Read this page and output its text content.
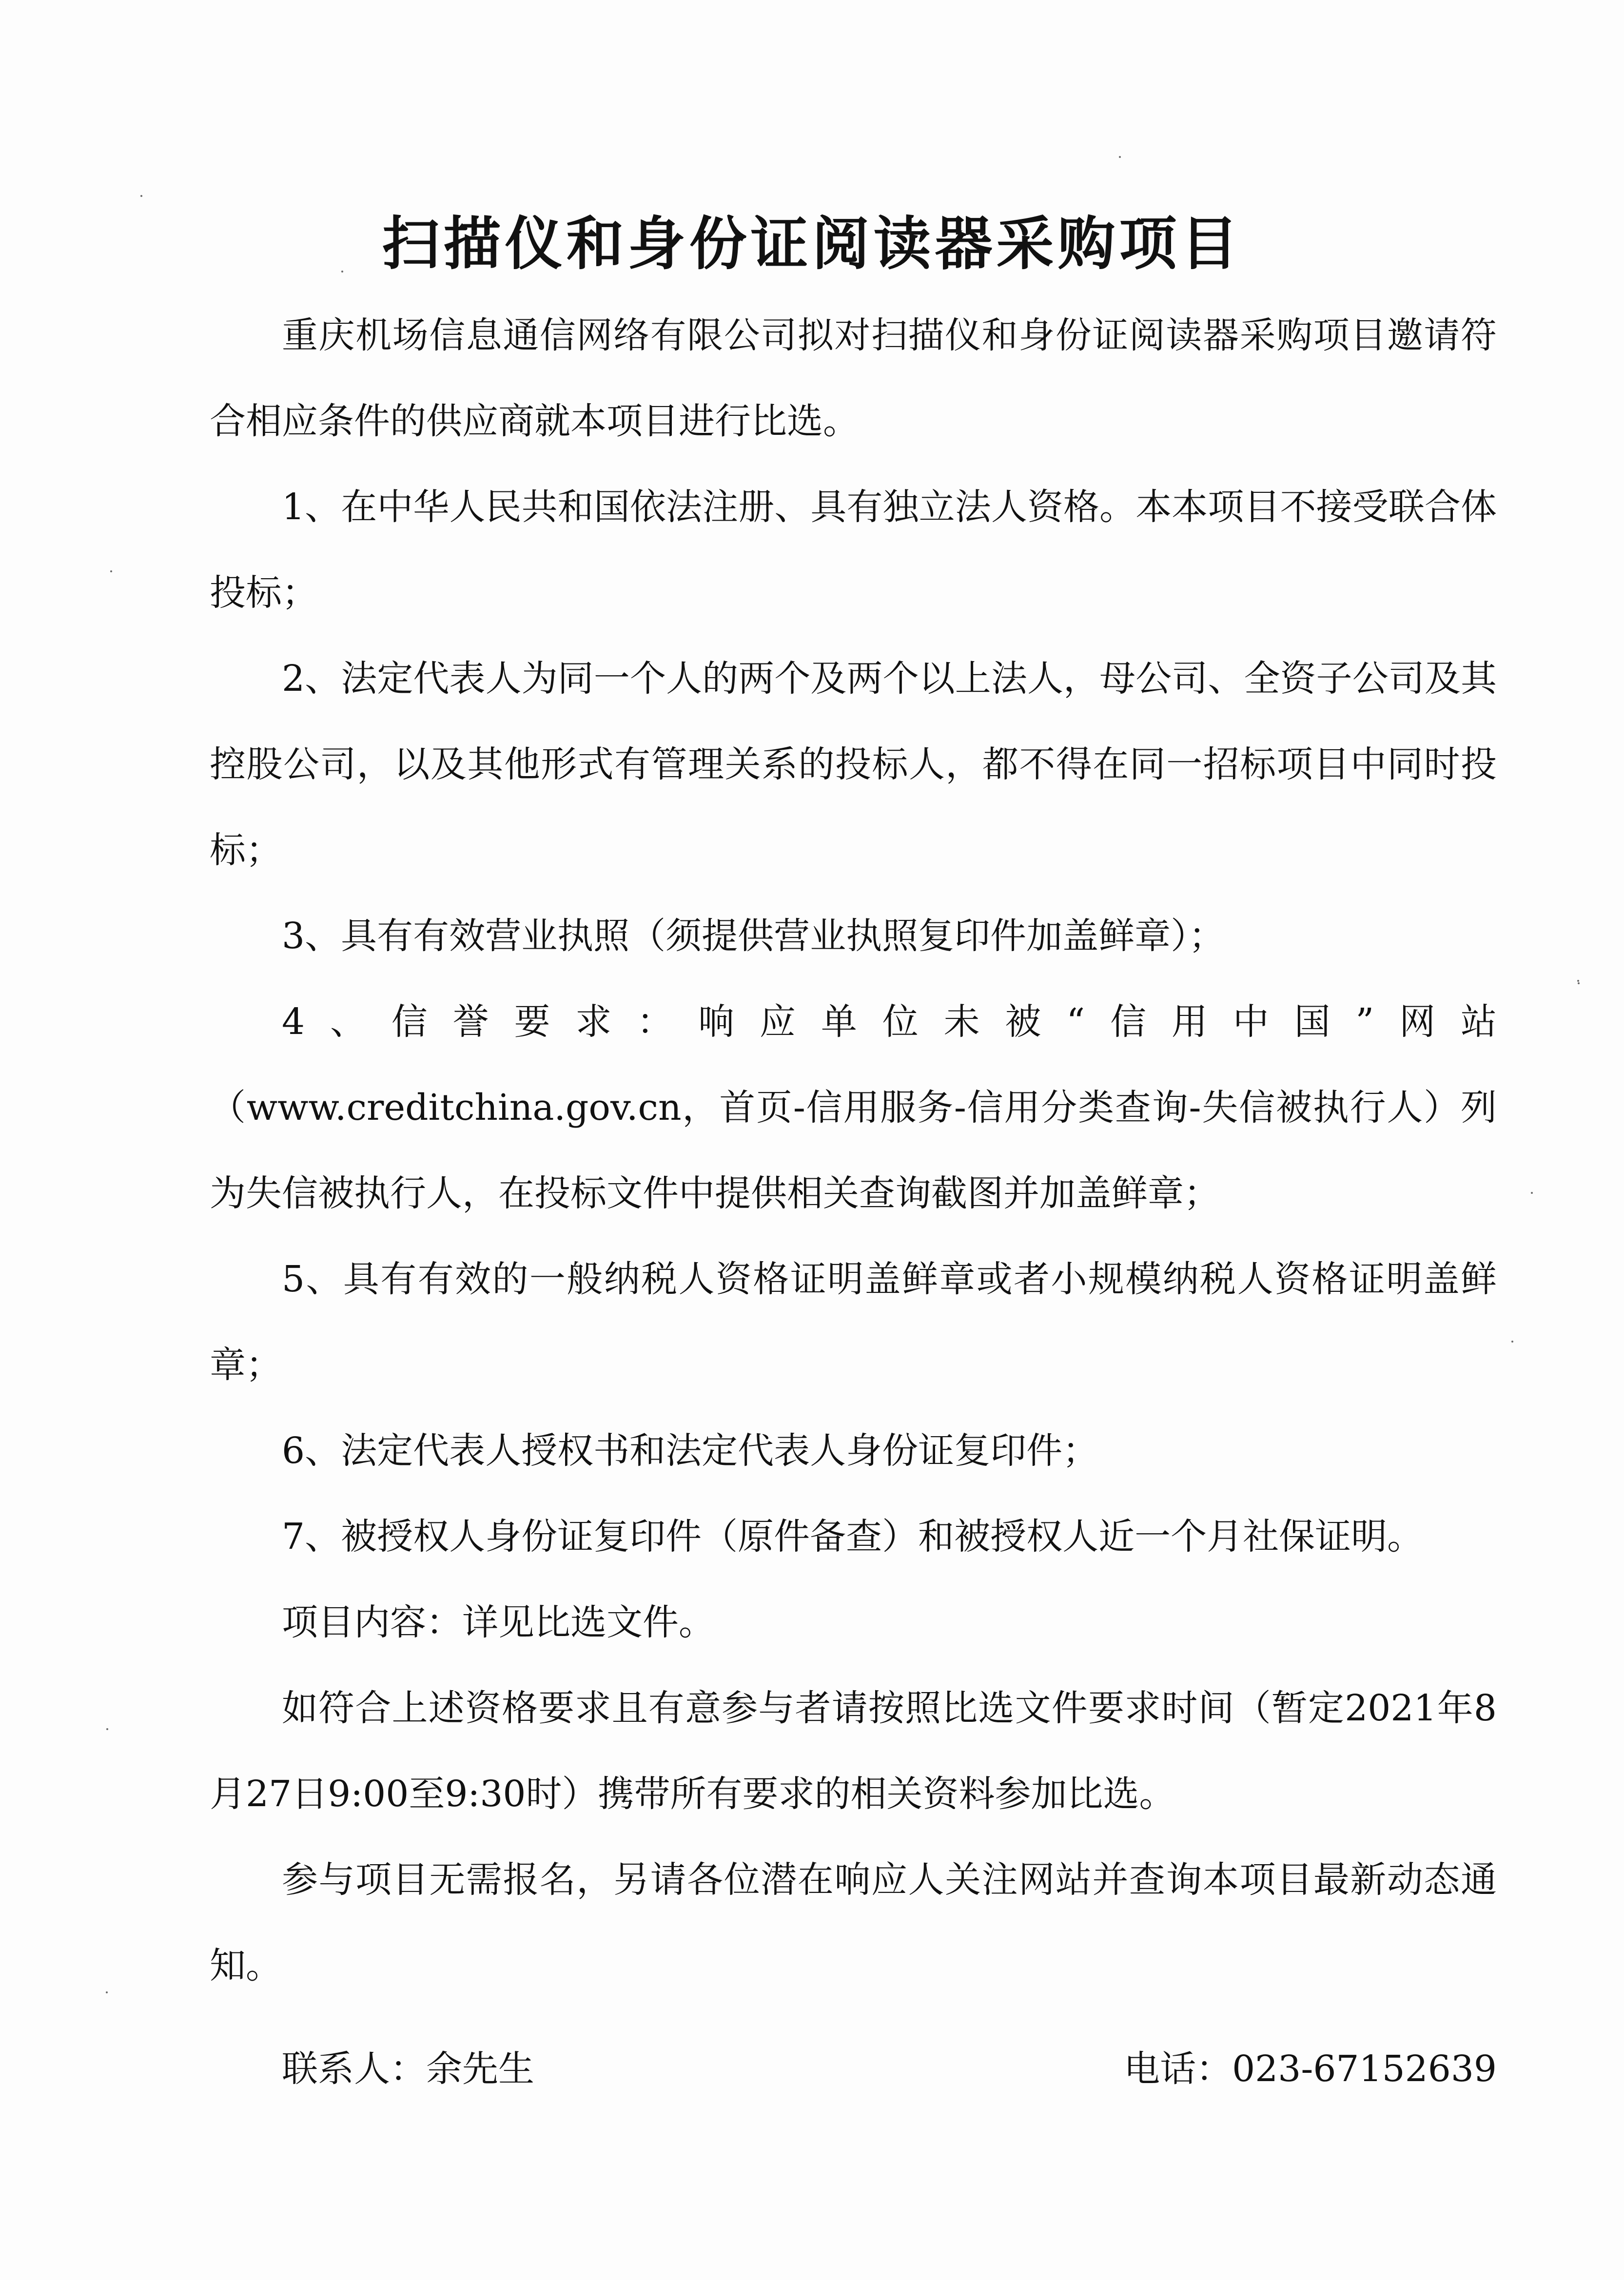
扫描仪和身份证阅读器采购项目

重庆机场信息通信网络有限公司拟对扫描仪和身份证阅读器采购项目邀请符合相应条件的供应商就本项目进行比选。

1、在中华人民共和国依法注册、具有独立法人资格。本本项目不接受联合体投标；

2、法定代表人为同一个人的两个及两个以上法人，母公司、全资子公司及其控股公司，以及其他形式有管理关系的投标人，都不得在同一招标项目中同时投标；

3、具有有效营业执照（须提供营业执照复印件加盖鲜章）；

4、信誉要求：响应单位未被“信用中国”网站（www.creditchina.gov.cn，首页-信用服务-信用分类查询-失信被执行人）列为失信被执行人，在投标文件中提供相关查询截图并加盖鲜章；

5、具有有效的一般纳税人资格证明盖鲜章或者小规模纳税人资格证明盖鲜章；

6、法定代表人授权书和法定代表人身份证复印件；

7、被授权人身份证复印件（原件备查）和被授权人近一个月社保证明。

项目内容：详见比选文件。

如符合上述资格要求且有意参与者请按照比选文件要求时间（暂定2021年8月27日9:00至9:30时）携带所有要求的相关资料参加比选。

参与项目无需报名，另请各位潜在响应人关注网站并查询本项目最新动态通知。

联系人：余先生	电话：023-67152639
